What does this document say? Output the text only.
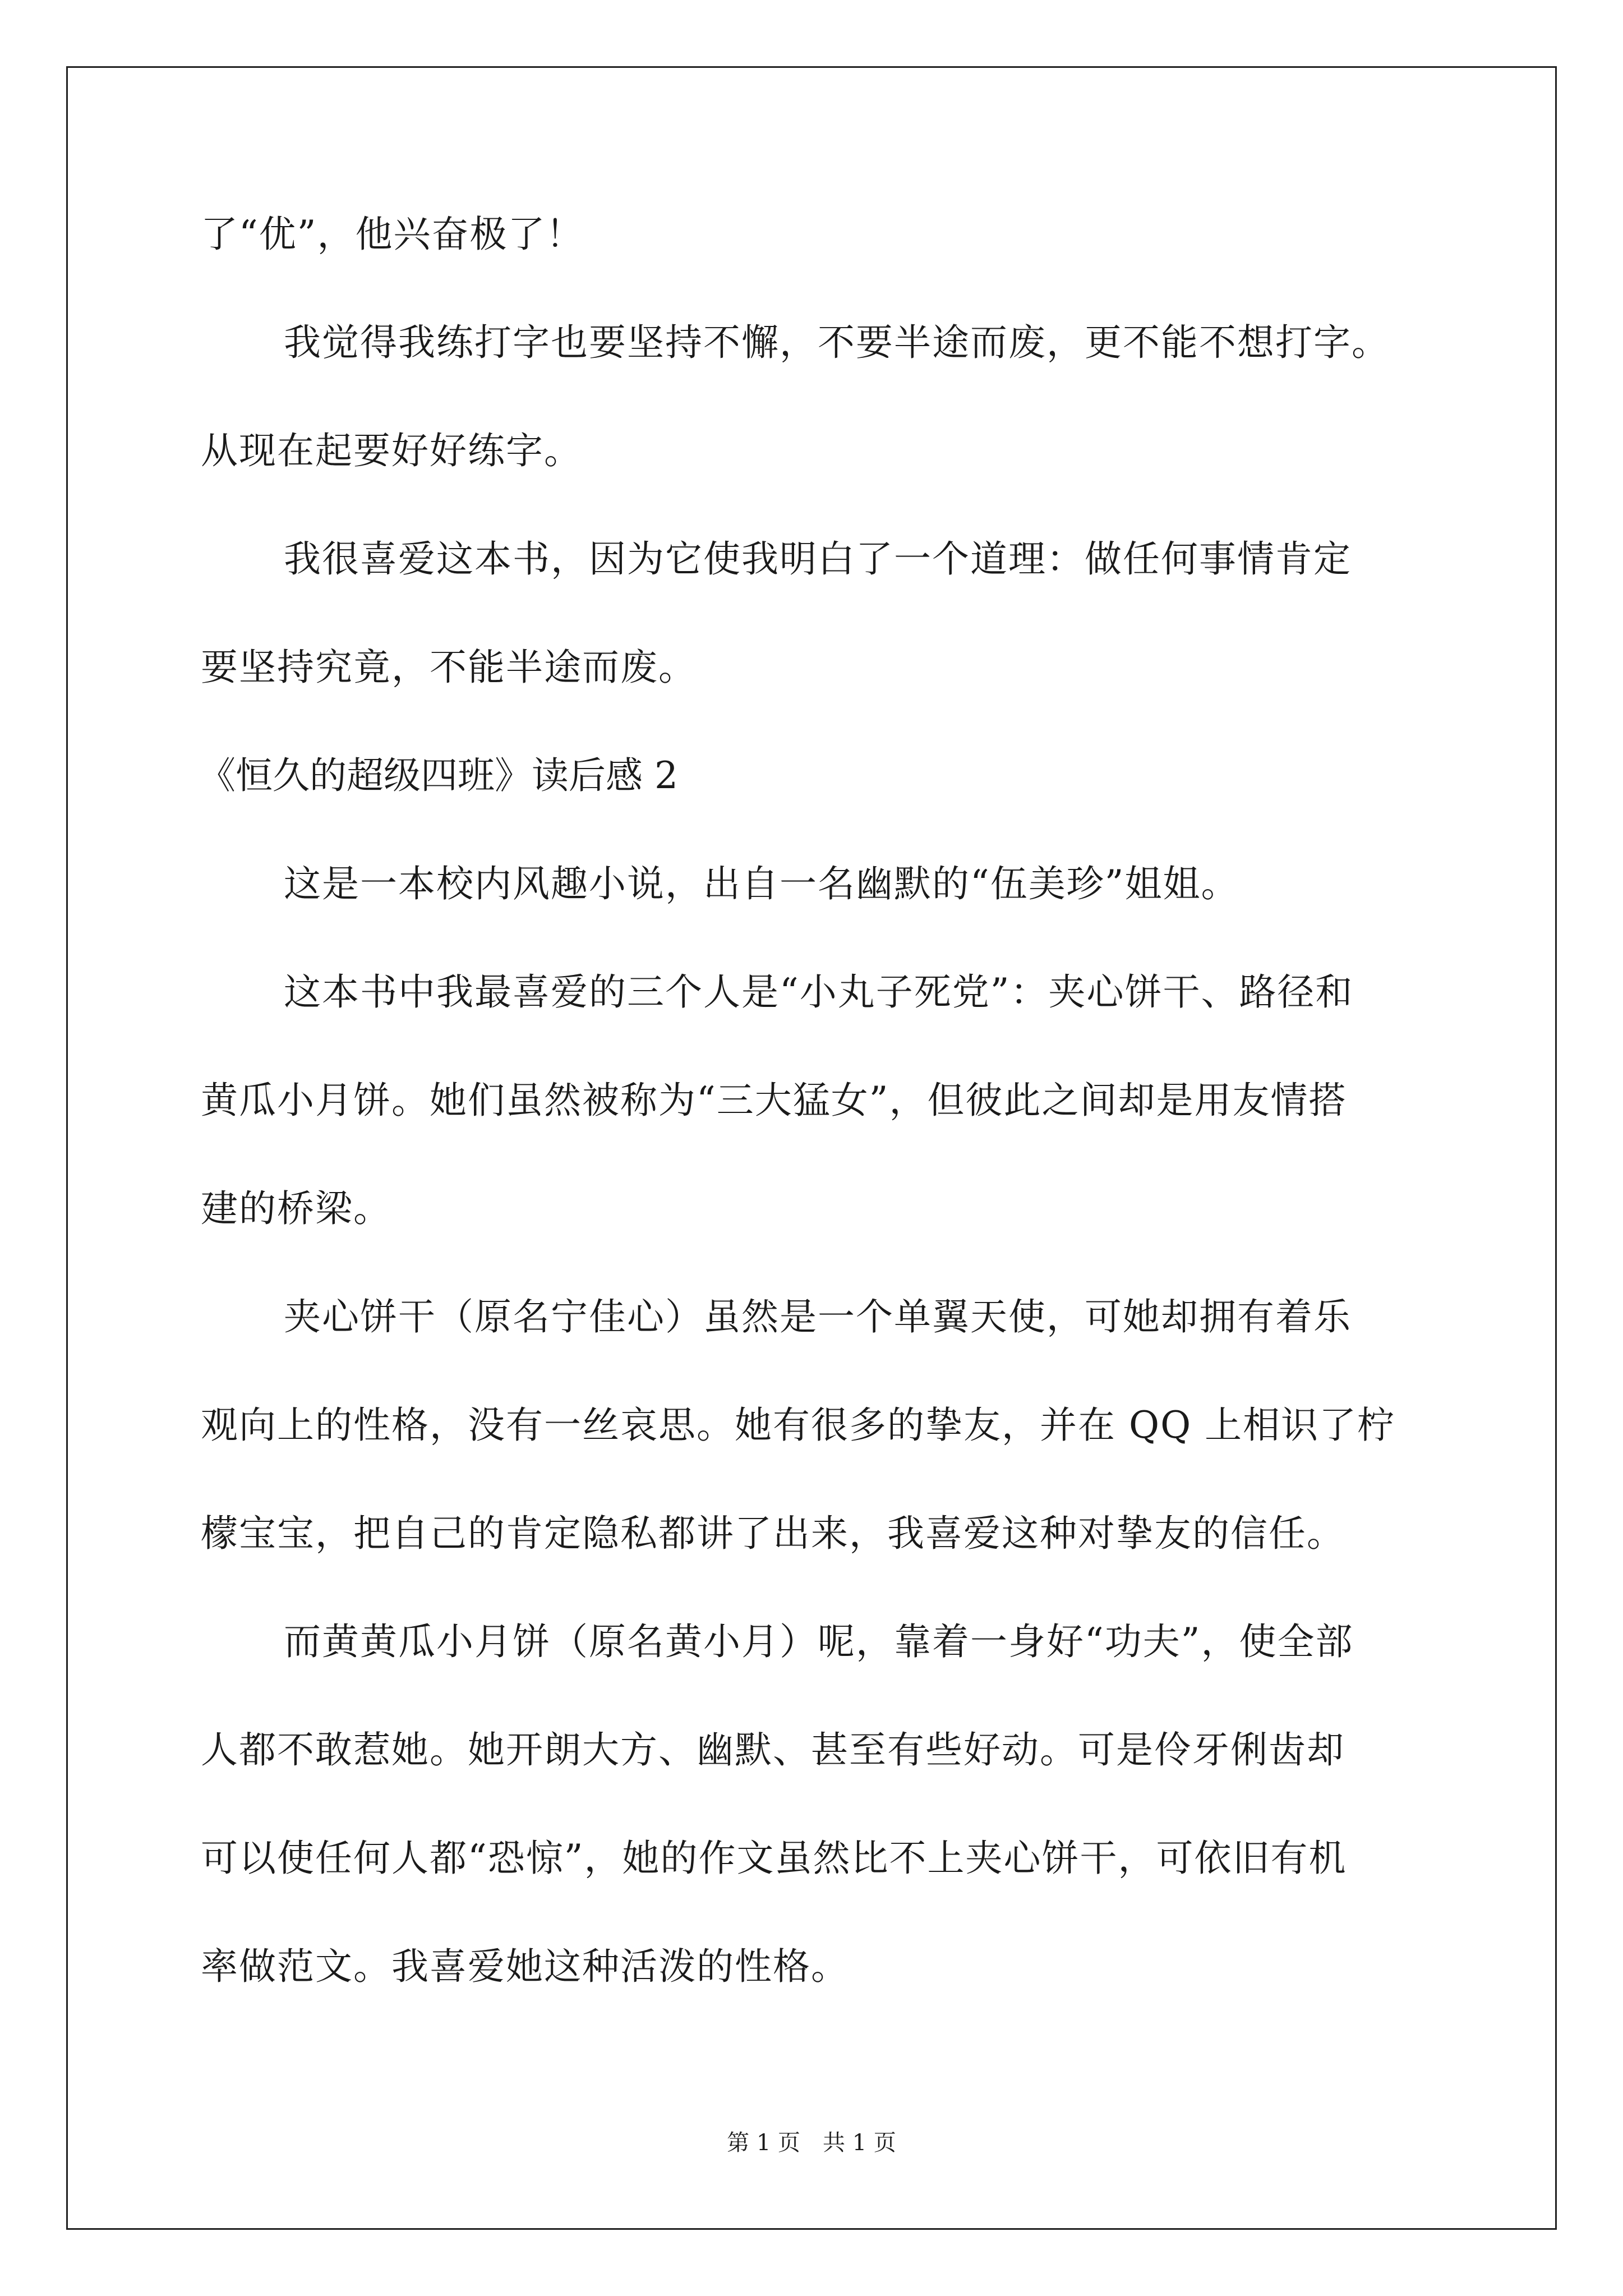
了“优”，他兴奋极了！
我觉得我练打字也要坚持不懈，不要半途而废，更不能不想打字。
从现在起要好好练字。
我很喜爱这本书，因为它使我明白了一个道理：做任何事情肯定
要坚持究竟，不能半途而废。
《恒久的超级四班》读后感 2
这是一本校内风趣小说，出自一名幽默的“伍美珍”姐姐。
这本书中我最喜爱的三个人是“小丸子死党”：夹心饼干、路径和
黄瓜小月饼。她们虽然被称为“三大猛女”，但彼此之间却是用友情搭
建的桥梁。
夹心饼干（原名宁佳心）虽然是一个单翼天使，可她却拥有着乐
观向上的性格，没有一丝哀思。她有很多的挚友，并在 QQ 上相识了柠
檬宝宝，把自己的肯定隐私都讲了出来，我喜爱这种对挚友的信任。
而黄黄瓜小月饼（原名黄小月）呢，靠着一身好“功夫”，使全部
人都不敢惹她。她开朗大方、幽默、甚至有些好动。可是伶牙俐齿却
可以使任何人都“恐惊”，她的作文虽然比不上夹心饼干，可依旧有机
率做范文。我喜爱她这种活泼的性格。
第 1 页　共 1 页
